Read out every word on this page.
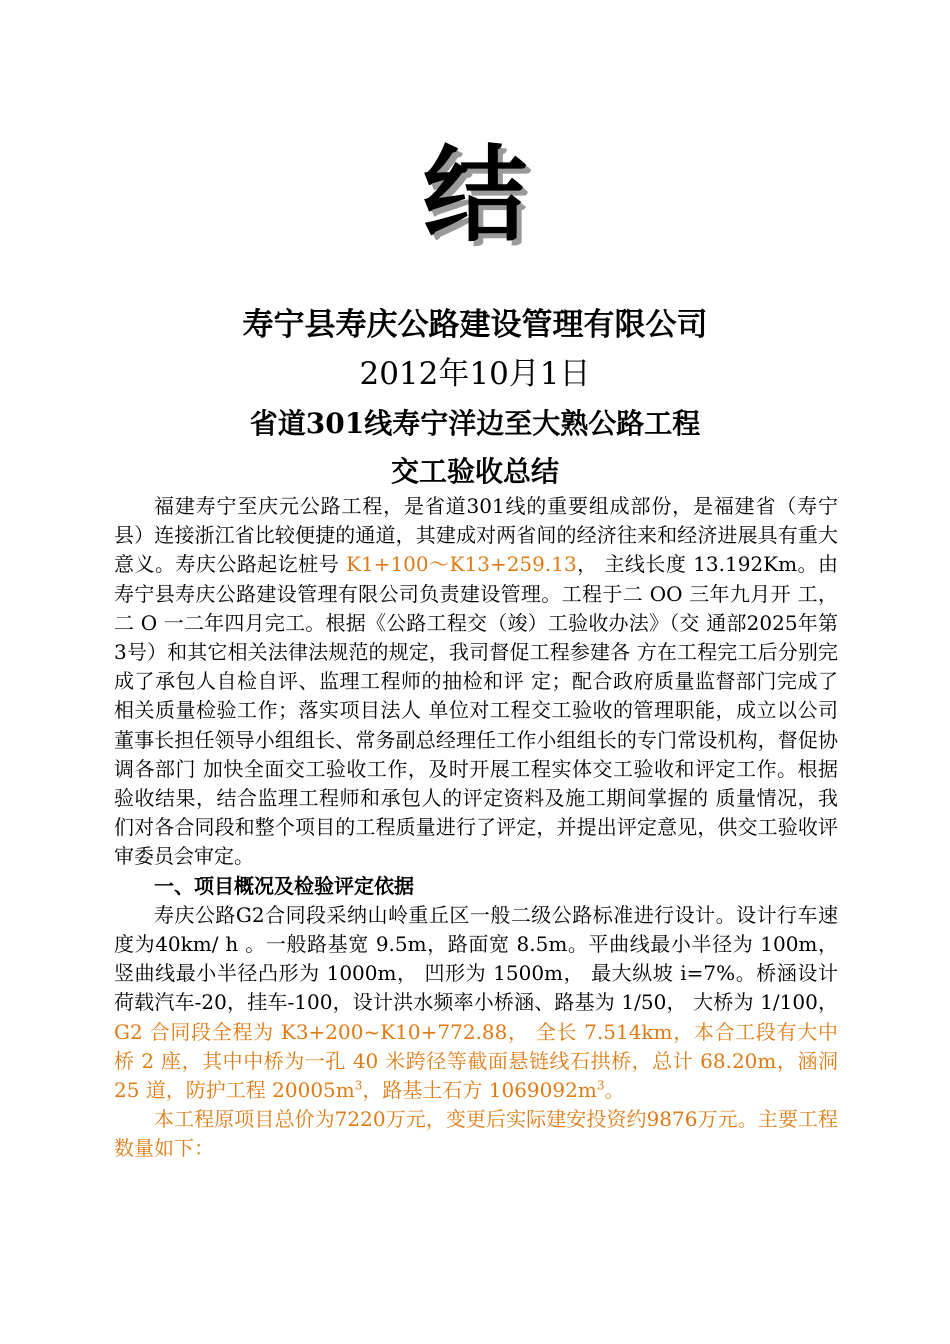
结
寿宁县寿庆公路建设管理有限公司
2012年10月1日
省道301线寿宁洋边至大熟公路工程
交工验收总结

福建寿宁至庆元公路工程，是省道301线的重要组成部份，是福建省（寿宁县）连接浙江省比较便捷的通道，其建成对两省间的经济往来和经济进展具有重大意义。寿庆公路起讫桩号 K1+100～K13+259.13， 主线长度 13.192Km。由寿宁县寿庆公路建设管理有限公司负责建设管理。工程于二 OO 三年九月开 工，二 O 一二年四月完工。根据《公路工程交（竣）工验收办法》（交 通部2025年第3号）和其它相关法律法规范的规定，我司督促工程参建各 方在工程完工后分别完成了承包人自检自评、监理工程师的抽检和评 定；配合政府质量监督部门完成了相关质量检验工作；落实项目法人 单位对工程交工验收的管理职能，成立以公司董事长担任领导小组组长、常务副总经理任工作小组组长的专门常设机构，督促协调各部门 加快全面交工验收工作，及时开展工程实体交工验收和评定工作。根据验收结果，结合监理工程师和承包人的评定资料及施工期间掌握的 质量情况，我们对各合同段和整个项目的工程质量进行了评定，并提出评定意见，供交工验收评审委员会审定。

一、项目概况及检验评定依据

寿庆公路G2合同段采纳山岭重丘区一般二级公路标准进行设计。设计行车速度为40km/ h 。一般路基宽 9.5m，路面宽 8.5m。平曲线最小半径为 100m， 竖曲线最小半径凸形为 1000m， 凹形为 1500m， 最大纵坡 i=7%。桥涵设计荷载汽车-20，挂车-100，设计洪水频率小桥涵、路基为 1/50， 大桥为 1/100， G2 合同段全程为 K3+200~K10+772.88， 全长 7.514km，本合工段有大中桥 2 座，其中中桥为一孔 40 米跨径等截面悬链线石拱桥，总计 68.20m，涵洞 25 道，防护工程 $20005m^3$，路基土石方 $1069092m^3$。

本工程原项目总价为7220万元，变更后实际建安投资约9876万元。主要工程数量如下：
